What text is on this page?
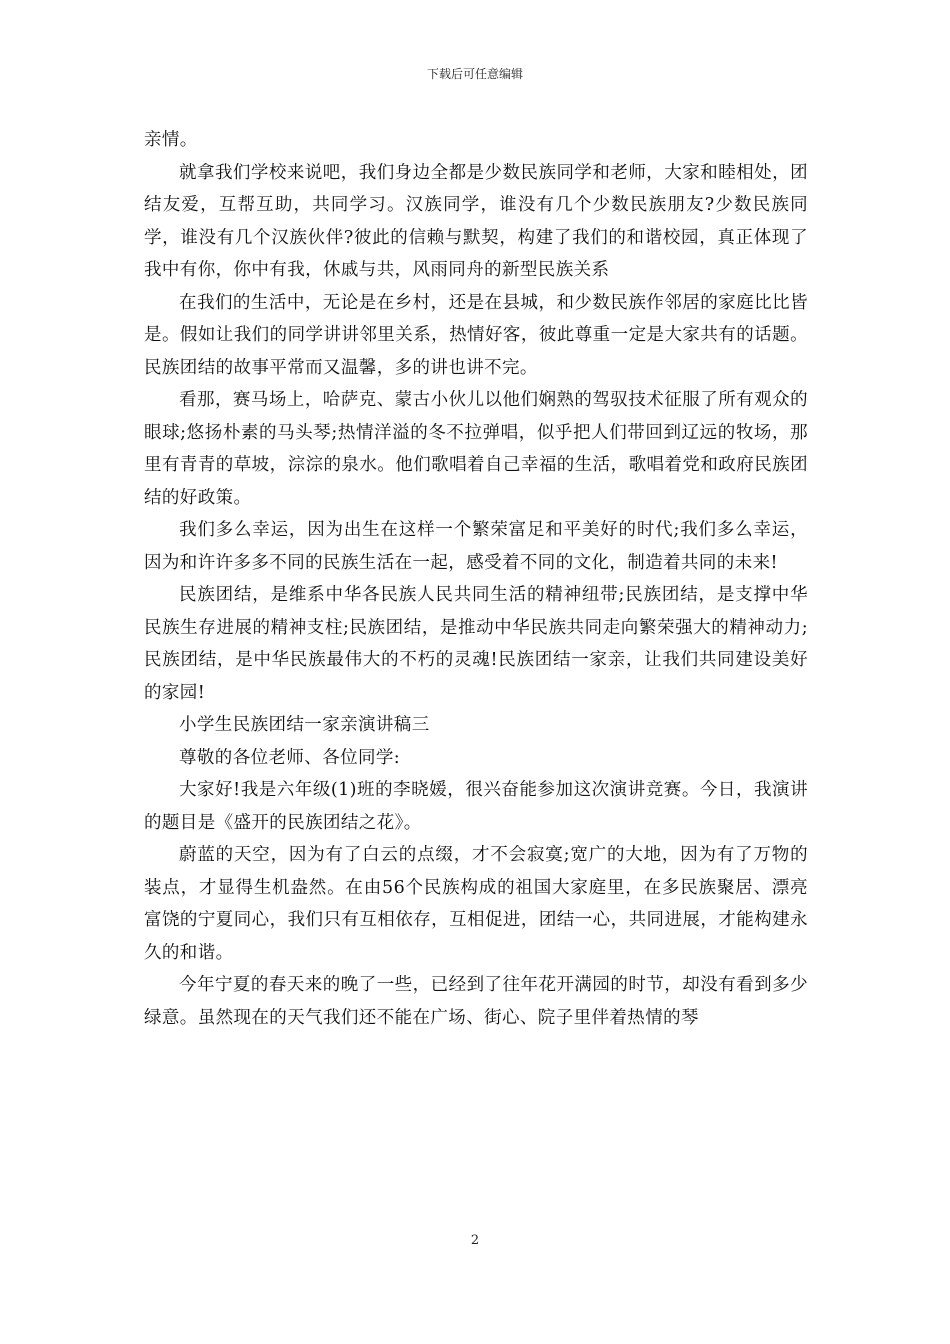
下载后可任意编辑

亲情。

就拿我们学校来说吧，我们身边全都是少数民族同学和老师，大家和睦相处，团结友爱，互帮互助，共同学习。汉族同学，谁没有几个少数民族朋友?少数民族同学，谁没有几个汉族伙伴?彼此的信赖与默契，构建了我们的和谐校园，真正体现了我中有你，你中有我，休戚与共，风雨同舟的新型民族关系

在我们的生活中，无论是在乡村，还是在县城，和少数民族作邻居的家庭比比皆是。假如让我们的同学讲讲邻里关系，热情好客，彼此尊重一定是大家共有的话题。民族团结的故事平常而又温馨，多的讲也讲不完。

看那，赛马场上，哈萨克、蒙古小伙儿以他们娴熟的驾驭技术征服了所有观众的眼球;悠扬朴素的马头琴;热情洋溢的冬不拉弹唱，似乎把人们带回到辽远的牧场，那里有青青的草坡，淙淙的泉水。他们歌唱着自己幸福的生活，歌唱着党和政府民族团结的好政策。

我们多么幸运，因为出生在这样一个繁荣富足和平美好的时代;我们多么幸运，因为和许许多多不同的民族生活在一起，感受着不同的文化，制造着共同的未来!

民族团结，是维系中华各民族人民共同生活的精神纽带;民族团结，是支撑中华民族生存进展的精神支柱;民族团结，是推动中华民族共同走向繁荣强大的精神动力;民族团结，是中华民族最伟大的不朽的灵魂!民族团结一家亲，让我们共同建设美好的家园!

小学生民族团结一家亲演讲稿三

尊敬的各位老师、各位同学:

大家好!我是六年级(1)班的李晓媛，很兴奋能参加这次演讲竞赛。今日，我演讲的题目是《盛开的民族团结之花》。

蔚蓝的天空，因为有了白云的点缀，才不会寂寞;宽广的大地，因为有了万物的装点，才显得生机盎然。在由56个民族构成的祖国大家庭里，在多民族聚居、漂亮富饶的宁夏同心，我们只有互相依存，互相促进，团结一心，共同进展，才能构建永久的和谐。

今年宁夏的春天来的晚了一些，已经到了往年花开满园的时节，却没有看到多少绿意。虽然现在的天气我们还不能在广场、街心、院子里伴着热情的琴

2
